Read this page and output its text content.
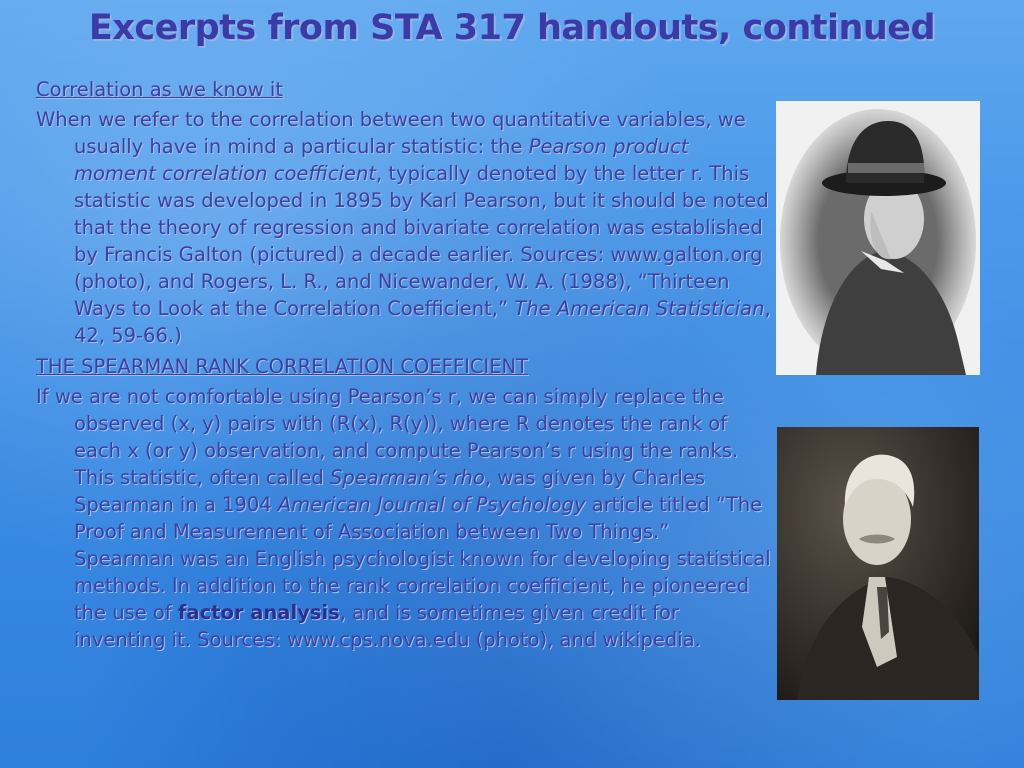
Excerpts from STA 317 handouts, continued
Correlation as we know it
When we refer to the correlation between two quantitative variables, we usually have in mind a particular statistic: the Pearson product moment correlation coefficient, typically denoted by the letter r. This statistic was developed in 1895 by Karl Pearson, but it should be noted that the theory of regression and bivariate correlation was established by Francis Galton (pictured) a decade earlier. Sources: www.galton.org (photo), and Rogers, L. R., and Nicewander, W. A. (1988), “Thirteen Ways to Look at the Correlation Coefficient,” The American Statistician, 42, 59-66.)
THE SPEARMAN RANK CORRELATION COEFFICIENT
If we are not comfortable using Pearson’s r, we can simply replace the observed (x, y) pairs with (R(x), R(y)), where R denotes the rank of each x (or y) observation, and compute Pearson’s r using the ranks. This statistic, often called Spearman’s rho, was given by Charles Spearman in a 1904 American Journal of Psychology article titled “The Proof and Measurement of Association between Two Things.” Spearman was an English psychologist known for developing statistical methods. In addition to the rank correlation coefficient, he pioneered the use of factor analysis, and is sometimes given credit for inventing it. Sources: www.cps.nova.edu (photo), and wikipedia.
